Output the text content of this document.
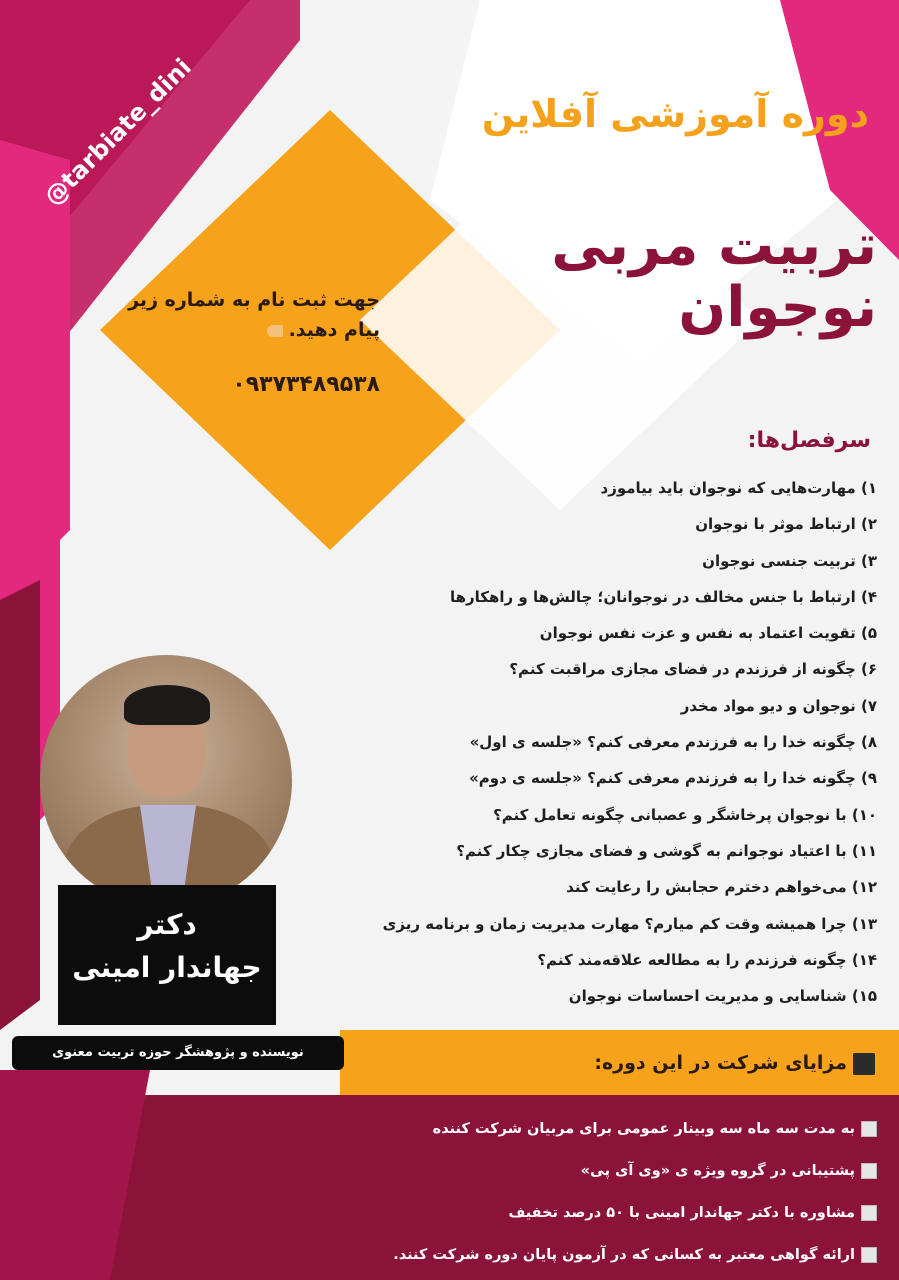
@tarbiate_dini	دوره آموزشی آفلاین
تربیت مربی نوجوان
جهت ثبت نام به شماره زیر پیام دهید.
۰۹۳۷۳۴۸۹۵۳۸
سرفصل‌ها:
۱) مهارت‌هایی که نوجوان باید بیاموزد
۲) ارتباط موثر با نوجوان
۳) تربیت جنسی نوجوان
۴) ارتباط با جنس مخالف در نوجوانان؛ چالش‌ها و راهکارها
۵) تقویت اعتماد به نفس و عزت نفس نوجوان
۶) چگونه از فرزندم در فضای مجازی مراقبت کنم؟
۷) نوجوان و دیو مواد مخدر
۸) چگونه خدا را به فرزندم معرفی کنم؟ «جلسه ی اول»
۹) چگونه خدا را به فرزندم معرفی کنم؟ «جلسه ی دوم»
۱۰) با نوجوان پرخاشگر و عصبانی چگونه تعامل کنم؟
۱۱) با اعتیاد نوجوانم به گوشی و فضای مجازی چکار کنم؟
۱۲) می‌خواهم دخترم حجابش را رعایت کند
۱۳) چرا همیشه وقت کم میارم؟ مهارت مدیریت زمان و برنامه ریزی
۱۴) چگونه فرزندم را به مطالعه علاقه‌مند کنم؟
۱۵) شناسایی و مدیریت احساسات نوجوان
دکتر
جهاندار امینی
نویسنده و پژوهشگر حوزه تربیت معنوی	مزایای شرکت در این دوره:
به مدت سه ماه سه وبینار عمومی برای مربیان شرکت کننده
پشتیبانی در گروه ویژه ی «وی آی پی»
مشاوره با دکتر جهاندار امینی با ۵۰ درصد تخفیف
ارائه گواهی معتبر به کسانی که در آزمون پایان دوره شرکت کنند.
